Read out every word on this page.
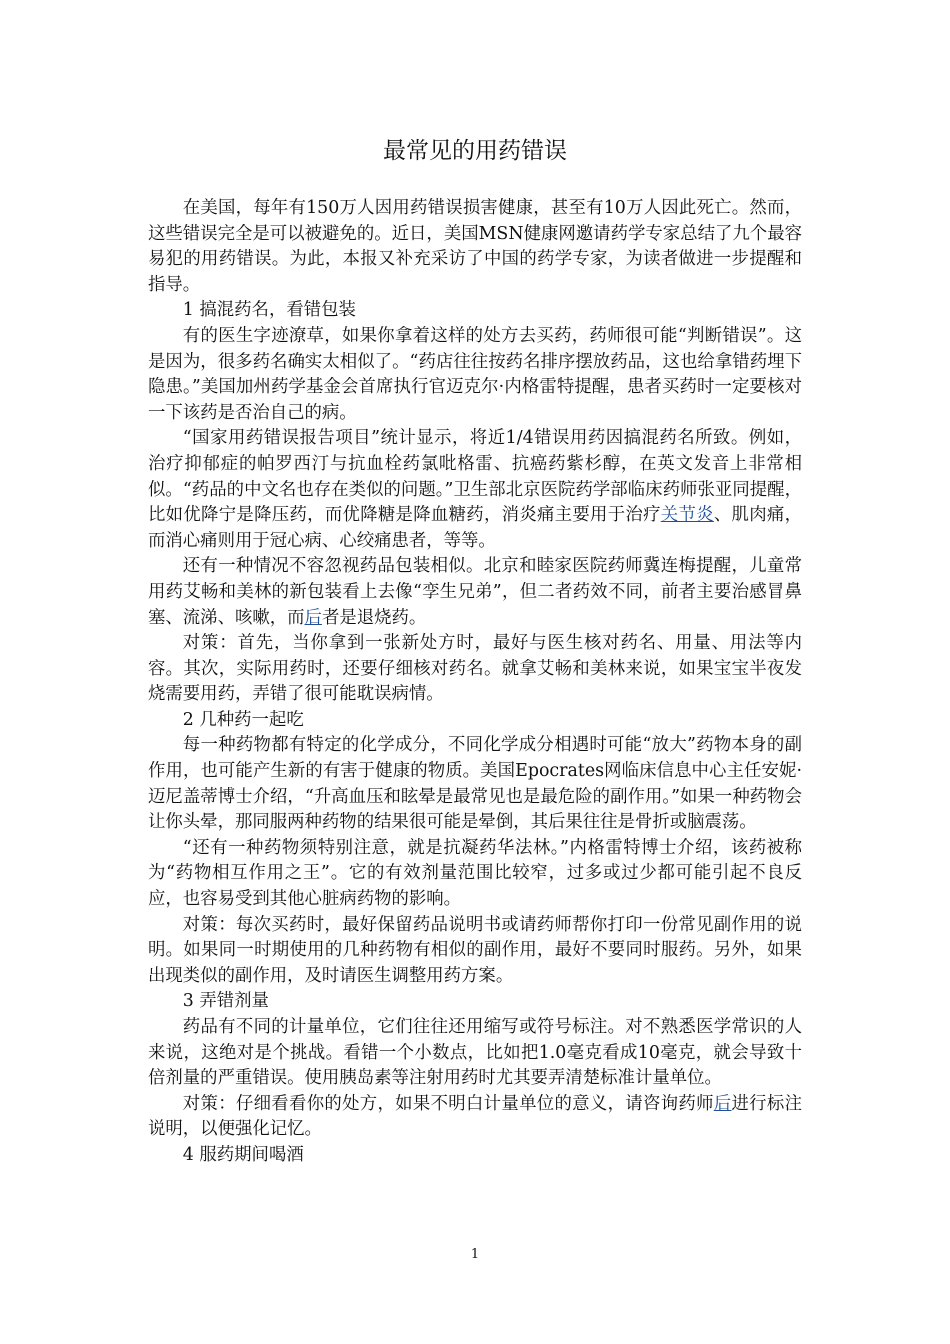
最常见的用药错误

在美国，每年有150万人因用药错误损害健康，甚至有10万人因此死亡。然而，这些错误完全是可以被避免的。近日，美国MSN健康网邀请药学专家总结了九个最容易犯的用药错误。为此，本报又补充采访了中国的药学专家，为读者做进一步提醒和指导。

1 搞混药名，看错包装

有的医生字迹潦草，如果你拿着这样的处方去买药，药师很可能“判断错误”。这是因为，很多药名确实太相似了。“药店往往按药名排序摆放药品，这也给拿错药埋下隐患。”美国加州药学基金会首席执行官迈克尔·内格雷特提醒，患者买药时一定要核对一下该药是否治自己的病。

“国家用药错误报告项目”统计显示，将近1/4错误用药因搞混药名所致。例如，治疗抑郁症的帕罗西汀与抗血栓药氯吡格雷、抗癌药紫杉醇，在英文发音上非常相似。“药品的中文名也存在类似的问题。”卫生部北京医院药学部临床药师张亚同提醒，比如优降宁是降压药，而优降糖是降血糖药，消炎痛主要用于治疗关节炎、肌肉痛，而消心痛则用于冠心病、心绞痛患者，等等。

还有一种情况不容忽视药品包装相似。北京和睦家医院药师冀连梅提醒，儿童常用药艾畅和美林的新包装看上去像“孪生兄弟”，但二者药效不同，前者主要治感冒鼻塞、流涕、咳嗽，而后者是退烧药。

对策：首先，当你拿到一张新处方时，最好与医生核对药名、用量、用法等内容。其次，实际用药时，还要仔细核对药名。就拿艾畅和美林来说，如果宝宝半夜发烧需要用药，弄错了很可能耽误病情。

2 几种药一起吃

每一种药物都有特定的化学成分，不同化学成分相遇时可能“放大”药物本身的副作用，也可能产生新的有害于健康的物质。美国Epocrates网临床信息中心主任安妮·迈尼盖蒂博士介绍，“升高血压和眩晕是最常见也是最危险的副作用。”如果一种药物会让你头晕，那同服两种药物的结果很可能是晕倒，其后果往往是骨折或脑震荡。

“还有一种药物须特别注意，就是抗凝药华法林。”内格雷特博士介绍，该药被称为“药物相互作用之王”。它的有效剂量范围比较窄，过多或过少都可能引起不良反应，也容易受到其他心脏病药物的影响。

对策：每次买药时，最好保留药品说明书或请药师帮你打印一份常见副作用的说明。如果同一时期使用的几种药物有相似的副作用，最好不要同时服药。另外，如果出现类似的副作用，及时请医生调整用药方案。

3 弄错剂量

药品有不同的计量单位，它们往往还用缩写或符号标注。对不熟悉医学常识的人来说，这绝对是个挑战。看错一个小数点，比如把1.0毫克看成10毫克，就会导致十倍剂量的严重错误。使用胰岛素等注射用药时尤其要弄清楚标准计量单位。

对策：仔细看看你的处方，如果不明白计量单位的意义，请咨询药师后进行标注说明，以便强化记忆。

4 服药期间喝酒

1
